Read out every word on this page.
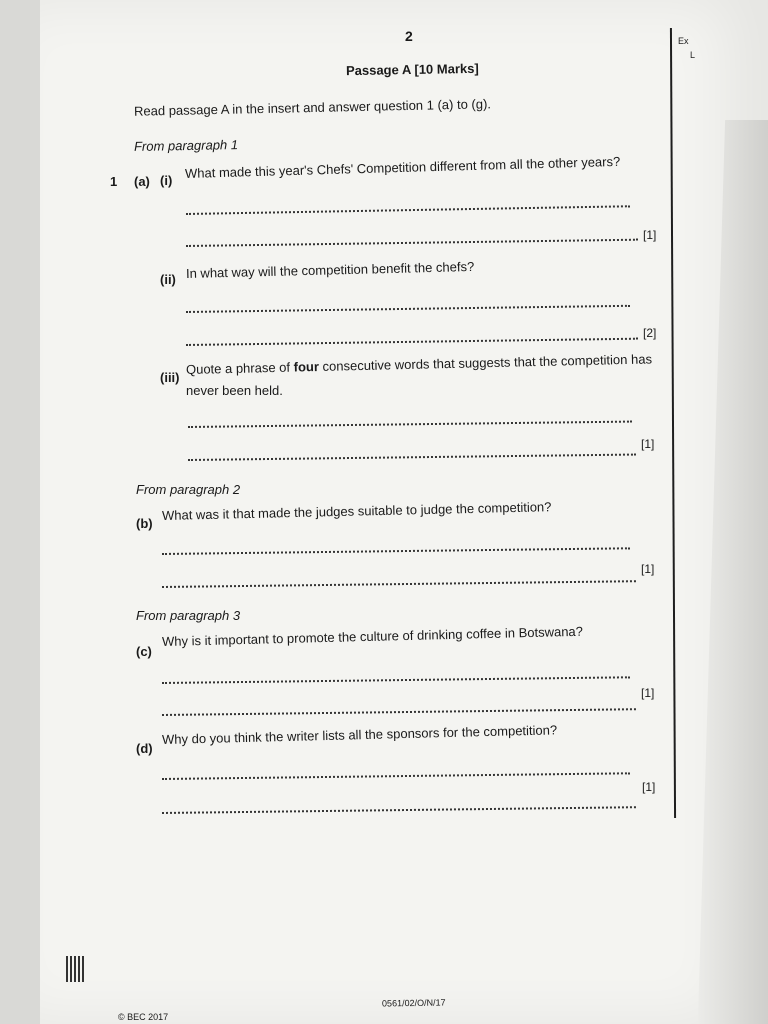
Ex
L
2
Passage A [10 Marks]
Read passage A in the insert and answer question 1 (a) to (g).
From paragraph 1
1 (a) (i) What made this year's Chefs' Competition different from all the other years?
[1]
(ii) In what way will the competition benefit the chefs?
[2]
(iii)
Quote a phrase of four consecutive words that suggests that the competition has
never been held.
[1]
From paragraph 2
(b)
What was it that made the judges suitable to judge the competition?
[1]
From paragraph 3
(c)
Why is it important to promote the culture of drinking coffee in Botswana?
[1]
(d)
Why do you think the writer lists all the sponsors for the competition?
[1]
© BEC 2017
0561/02/O/N/17
